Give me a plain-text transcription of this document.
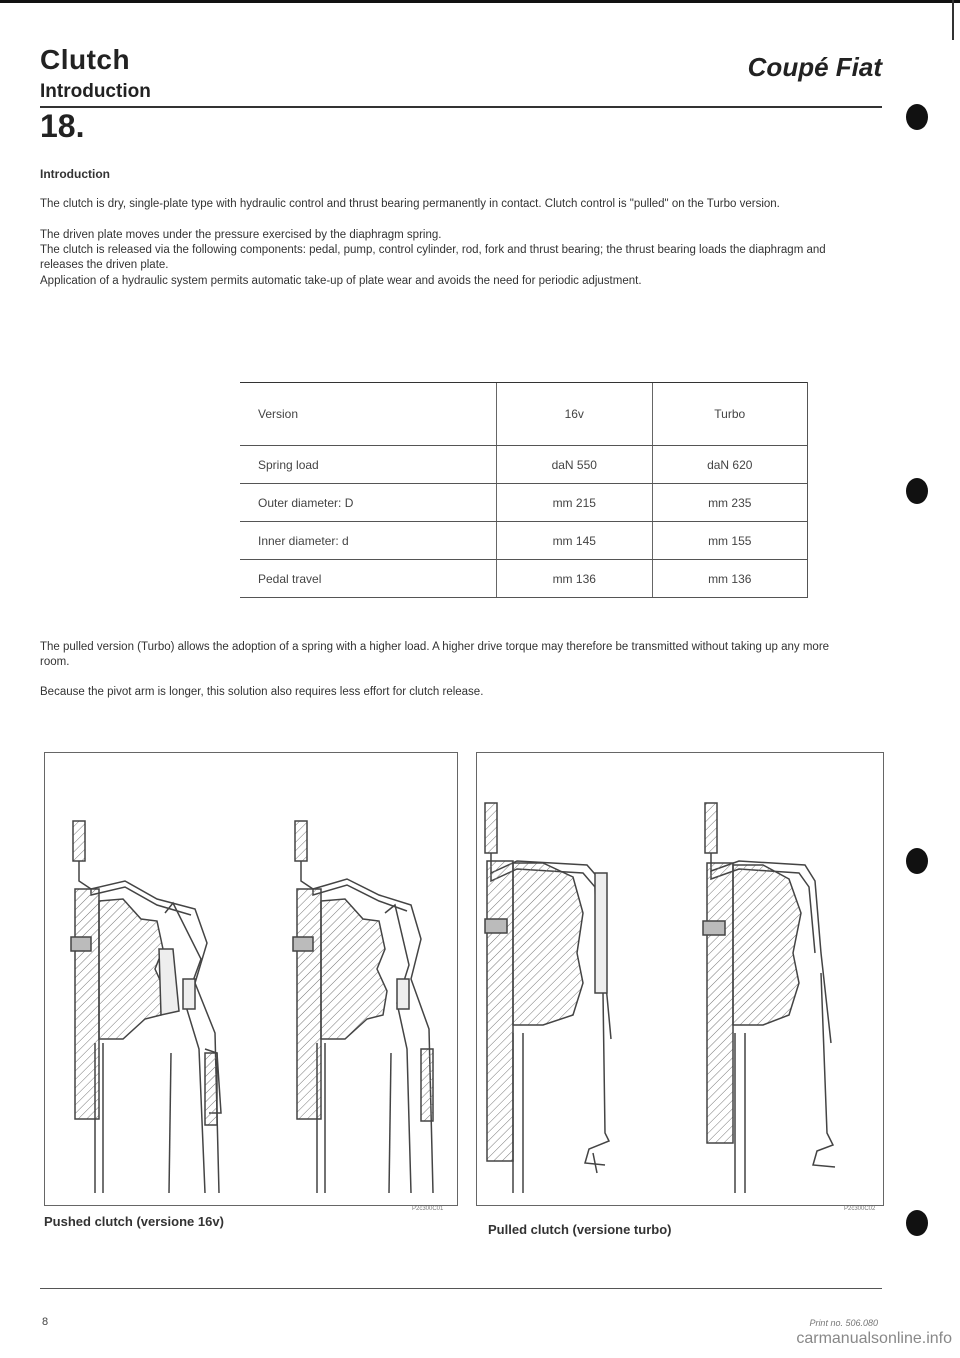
Clutch
Introduction
Coupé Fiat
18.
Introduction

The clutch is dry, single-plate type with hydraulic control and thrust bearing permanently in contact. Clutch control is "pulled" on the Turbo version.

The driven plate moves under the pressure exercised by the diaphragm spring.

The clutch is released via the following components: pedal, pump, control cylinder, rod, fork and thrust bearing; the thrust bearing loads the diaphragm and releases the driven plate.

Application of a hydraulic system permits automatic take-up of plate wear and avoids the need for periodic adjustment.

Version	16v	Turbo
Spring load	daN 550	daN 620
Outer diameter: D	mm 215	mm 235
Inner diameter: d	mm 145	mm 155
Pedal travel	mm 136	mm 136

The pulled version (Turbo) allows the adoption of a spring with a higher load. A higher drive torque may therefore be transmitted without taking up any more room.

Because the pivot arm is longer, this solution also requires less effort for clutch release.

Pushed clutch (versione 16v)
P2c300C01
Pulled clutch (versione turbo)
P2c300C02
8	Print no. 506.080
carmanualsonline.info
